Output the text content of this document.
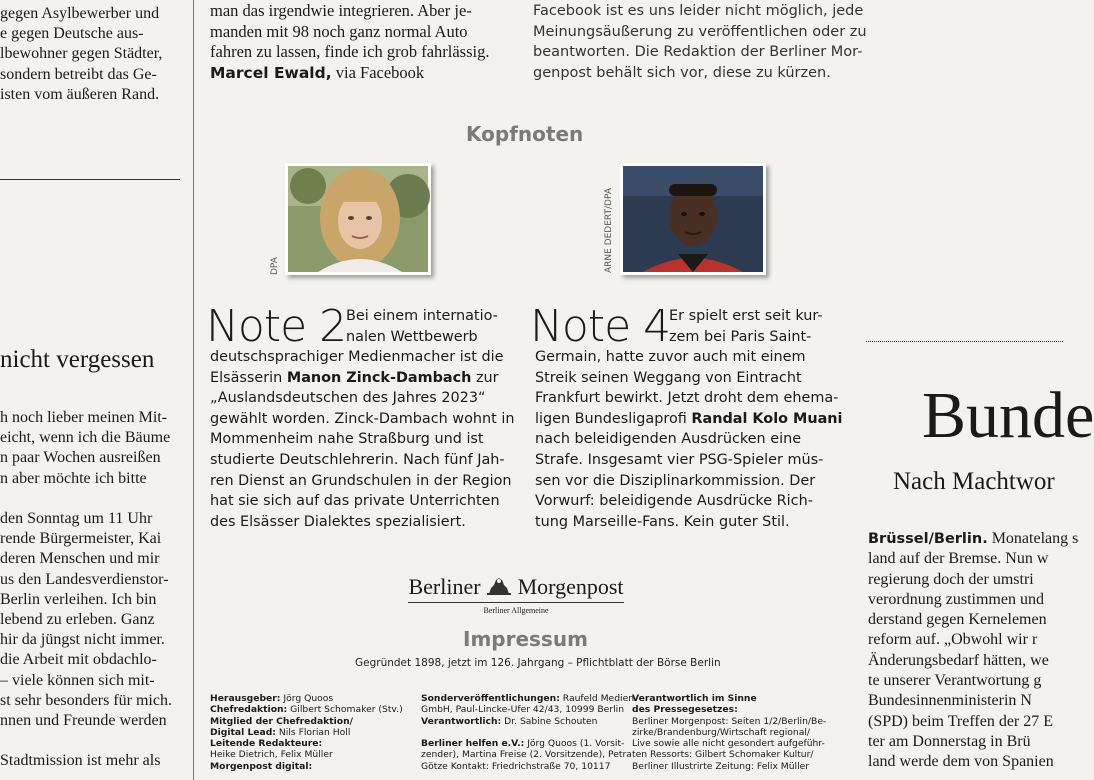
gegen Asylbewerber und
e gegen Deutsche aus-
lbewohner gegen Städter,
sondern betreibt das Ge-
isten vom äußeren Rand.
nicht vergessen
h noch lieber meinen Mit-
eicht, wenn ich die Bäume
n paar Wochen ausreißen
n aber möchte ich bitte

den Sonntag um 11 Uhr
rende Bürgermeister, Kai
deren Menschen und mir
us den Landesverdienstor-
Berlin verleihen. Ich bin
lebend zu erleben. Ganz
hir da jüngst nicht immer.
die Arbeit mit obdachlo-
– viele können sich mit-
st sehr besonders für mich.
nnen und Freunde werden

Stadtmission ist mehr als
man das irgendwie integrieren. Aber je-
manden mit 98 noch ganz normal Auto
fahren zu lassen, finde ich grob fahrlässig.
Marcel Ewald, via Facebook
Facebook ist es uns leider nicht möglich, jede
Meinungsäußerung zu veröffentlichen oder zu
beantworten. Die Redaktion der Berliner Mor-
genpost behält sich vor, diese zu kürzen.
Kopfnoten
DPA	ARNE DEDERT/DPA
Note 2 Bei einem internatio-
nalen Wettbewerb
deutschsprachiger Medienmacher ist die
Elsässerin Manon Zinck-Dambach zur
„Auslandsdeutschen des Jahres 2023“
gewählt worden. Zinck-Dambach wohnt in
Mommenheim nahe Straßburg und ist
studierte Deutschlehrerin. Nach fünf Jah-
ren Dienst an Grundschulen in der Region
hat sie sich auf das private Unterrichten
des Elsässer Dialektes spezialisiert.
Note 4
Er spielt erst seit kur-
zem bei Paris Saint-
Germain, hatte zuvor auch mit einem
Streik seinen Weggang von Eintracht
Frankfurt bewirkt. Jetzt droht dem ehema-
ligen Bundesligaprofi Randal Kolo Muani
nach beleidigenden Ausdrücken eine
Strafe. Insgesamt vier PSG-Spieler müs-
sen vor die Disziplinarkommission. Der
Vorwurf: beleidigende Ausdrücke Rich-
tung Marseille-Fans. Kein guter Stil.
Berliner Morgenpost
Berliner Allgemeine
Impressum
Gegründet 1898, jetzt im 126. Jahrgang – Pflichtblatt der Börse Berlin
Herausgeber: Jörg Quoos
Chefredaktion: Gilbert Schomaker (Stv.)
Mitglied der Chefredaktion/
Digital Lead: Nils Florian Holl
Leitende Redakteure:
Heike Dietrich, Felix Müller
Morgenpost digital:
Sonderveröffentlichungen: Raufeld Medien
GmbH, Paul-Lincke-Ufer 42/43, 10999 Berlin
Verantwortlich: Dr. Sabine Schouten

Berliner helfen e.V.: Jörg Quoos (1. Vorsit-
zender), Martina Freise (2. Vorsitzende), Petra
Götze Kontakt: Friedrichstraße 70, 10117
Verantwortlich im Sinne
des Pressegesetzes:
Berliner Morgenpost: Seiten 1/2/Berlin/Be-
zirke/Brandenburg/Wirtschaft regional/
Live sowie alle nicht gesondert aufgeführ-
ten Ressorts: Gilbert Schomaker Kultur/
Berliner Illustrirte Zeitung: Felix Müller
Bunde
Nach Machtwor
Brüssel/Berlin. Monatelang s
land auf der Bremse. Nun w
regierung doch der umstri
verordnung zustimmen und
derstand gegen Kernelemen
reform auf. „Obwohl wir r
Änderungsbedarf hätten, we
te unserer Verantwortung g
Bundesinnenministerin N
(SPD) beim Treffen der 27 E
ter am Donnerstag in Brü
land werde dem von Spanien
